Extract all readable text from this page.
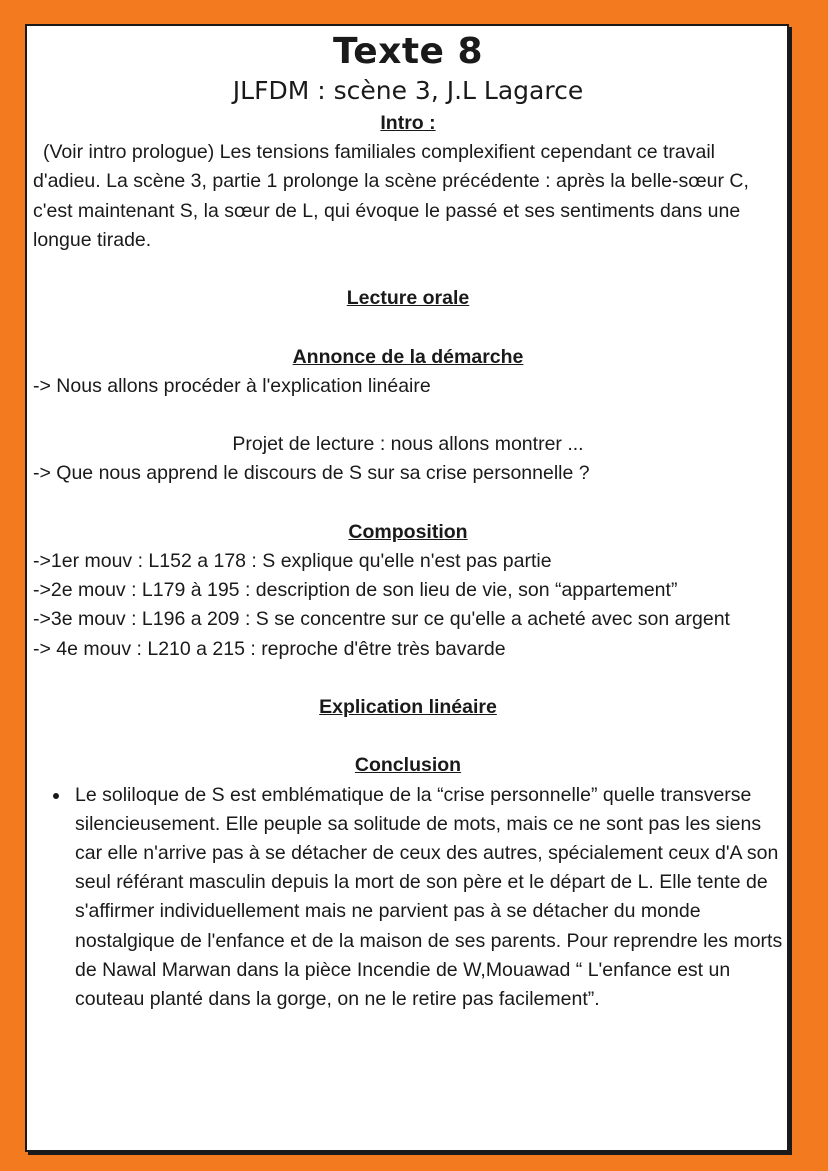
Texte 8
JLFDM : scène 3, J.L Lagarce
Intro :

(Voir intro prologue) Les tensions familiales complexifient cependant ce travail d'adieu. La scène 3, partie 1 prolonge la scène précédente : après la belle-sœur C, c'est maintenant S, la sœur de L, qui évoque le passé et ses sentiments dans une longue tirade.

Lecture orale
Annonce de la démarche

-> Nous allons procéder à l'explication linéaire

Projet de lecture : nous allons montrer ...

-> Que nous apprend le discours de S sur sa crise personnelle ?

Composition

->1er mouv : L152 a 178 : S explique qu'elle n'est pas partie

->2e mouv : L179 à 195 : description de son lieu de vie, son “appartement”

->3e mouv : L196 a 209 : S se concentre sur ce qu'elle a acheté avec son argent

-> 4e mouv : L210 a 215 : reproche d'être très bavarde

Explication linéaire
Conclusion
• Le soliloque de S est emblématique de la “crise personnelle” quelle transverse silencieusement. Elle peuple sa solitude de mots, mais ce ne sont pas les siens car elle n'arrive pas à se détacher de ceux des autres, spécialement ceux d'A son seul référant masculin depuis la mort de son père et le départ de L. Elle tente de s'affirmer individuellement mais ne parvient pas à se détacher du monde nostalgique de l'enfance et de la maison de ses parents. Pour reprendre les morts de Nawal Marwan dans la pièce Incendie de W,Mouawad “ L'enfance est un couteau planté dans la gorge, on ne le retire pas facilement”.
